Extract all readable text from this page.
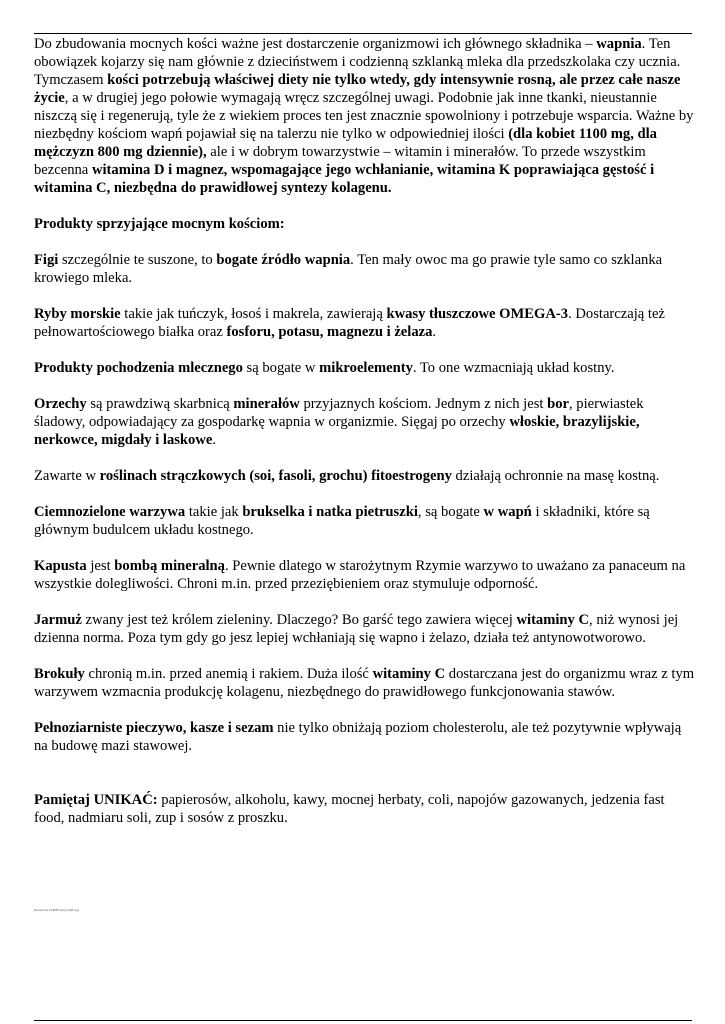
Do zbudowania mocnych kości ważne jest dostarczenie organizmowi ich głównego składnika – wapnia. Ten obowiązek kojarzy się nam głównie z dzieciństwem i codzienną szklanką mleka dla przedszkolaka czy ucznia. Tymczasem kości potrzebują właściwej diety nie tylko wtedy, gdy intensywnie rosną, ale przez całe nasze życie, a w drugiej jego połowie wymagają wręcz szczególnej uwagi. Podobnie jak inne tkanki, nieustannie niszczą się i regenerują, tyle że z wiekiem proces ten jest znacznie spowolniony i potrzebuje wsparcia. Ważne by niezbędny kościom wapń pojawiał się na talerzu nie tylko w odpowiedniej ilości (dla kobiet 1100 mg, dla mężczyzn 800 mg dziennie), ale i w dobrym towarzystwie – witamin i minerałów. To przede wszystkim bezcenna witamina D i magnez, wspomagające jego wchłanianie, witamina K poprawiająca gęstość i witamina C, niezbędna do prawidłowej syntezy kolagenu.

Produkty sprzyjające mocnym kościom:

Figi szczególnie te suszone, to bogate źródło wapnia. Ten mały owoc ma go prawie tyle samo co szklanka krowiego mleka.

Ryby morskie takie jak tuńczyk, łosoś i makrela, zawierają kwasy tłuszczowe OMEGA-3. Dostarczają też pełnowartościowego białka oraz fosforu, potasu, magnezu i żelaza.

Produkty pochodzenia mlecznego są bogate w mikroelementy. To one wzmacniają układ kostny.

Orzechy są prawdziwą skarbnicą minerałów przyjaznych kościom. Jednym z nich jest bor, pierwiastek śladowy, odpowiadający za gospodarkę wapnia w organizmie. Sięgaj po orzechy włoskie, brazylijskie, nerkowce, migdały i laskowe.

Zawarte w roślinach strączkowych (soi, fasoli, grochu) fitoestrogeny działają ochronnie na masę kostną.

Ciemnozielone warzywa takie jak brukselka i natka pietruszki, są bogate w wapń i składniki, które są głównym budulcem układu kostnego.

Kapusta jest bombą mineralną. Pewnie dlatego w starożytnym Rzymie warzywo to uważano za panaceum na wszystkie dolegliwości. Chroni m.in. przed przeziębieniem oraz stymuluje odporność.

Jarmuż zwany jest też królem zieleniny. Dlaczego? Bo garść tego zawiera więcej witaminy C, niż wynosi jej dzienna norma. Poza tym gdy go jesz lepiej wchłaniają się wapno i żelazo, działa też antynowotworowo.

Brokuły chronią m.in. przed anemią i rakiem. Duża ilość witaminy C dostarczana jest do organizmu wraz z tym warzywem wzmacnia produkcję kolagenu, niezbędnego do prawidłowego funkcjonowania stawów.

Pełnoziarniste pieczywo, kasze i sezam nie tylko obniżają poziom cholesterolu, ale też pozytywnie wpływają na budowę mazi stawowej.

Pamiętaj UNIKAĆ: papierosów, alkoholu, kawy, mocnej herbaty, coli, napojów gazowanych, jedzenia fast food, nadmiaru soli, zup i sosów z proszku.

Powered by TCPDF (www.tcpdf.org)
